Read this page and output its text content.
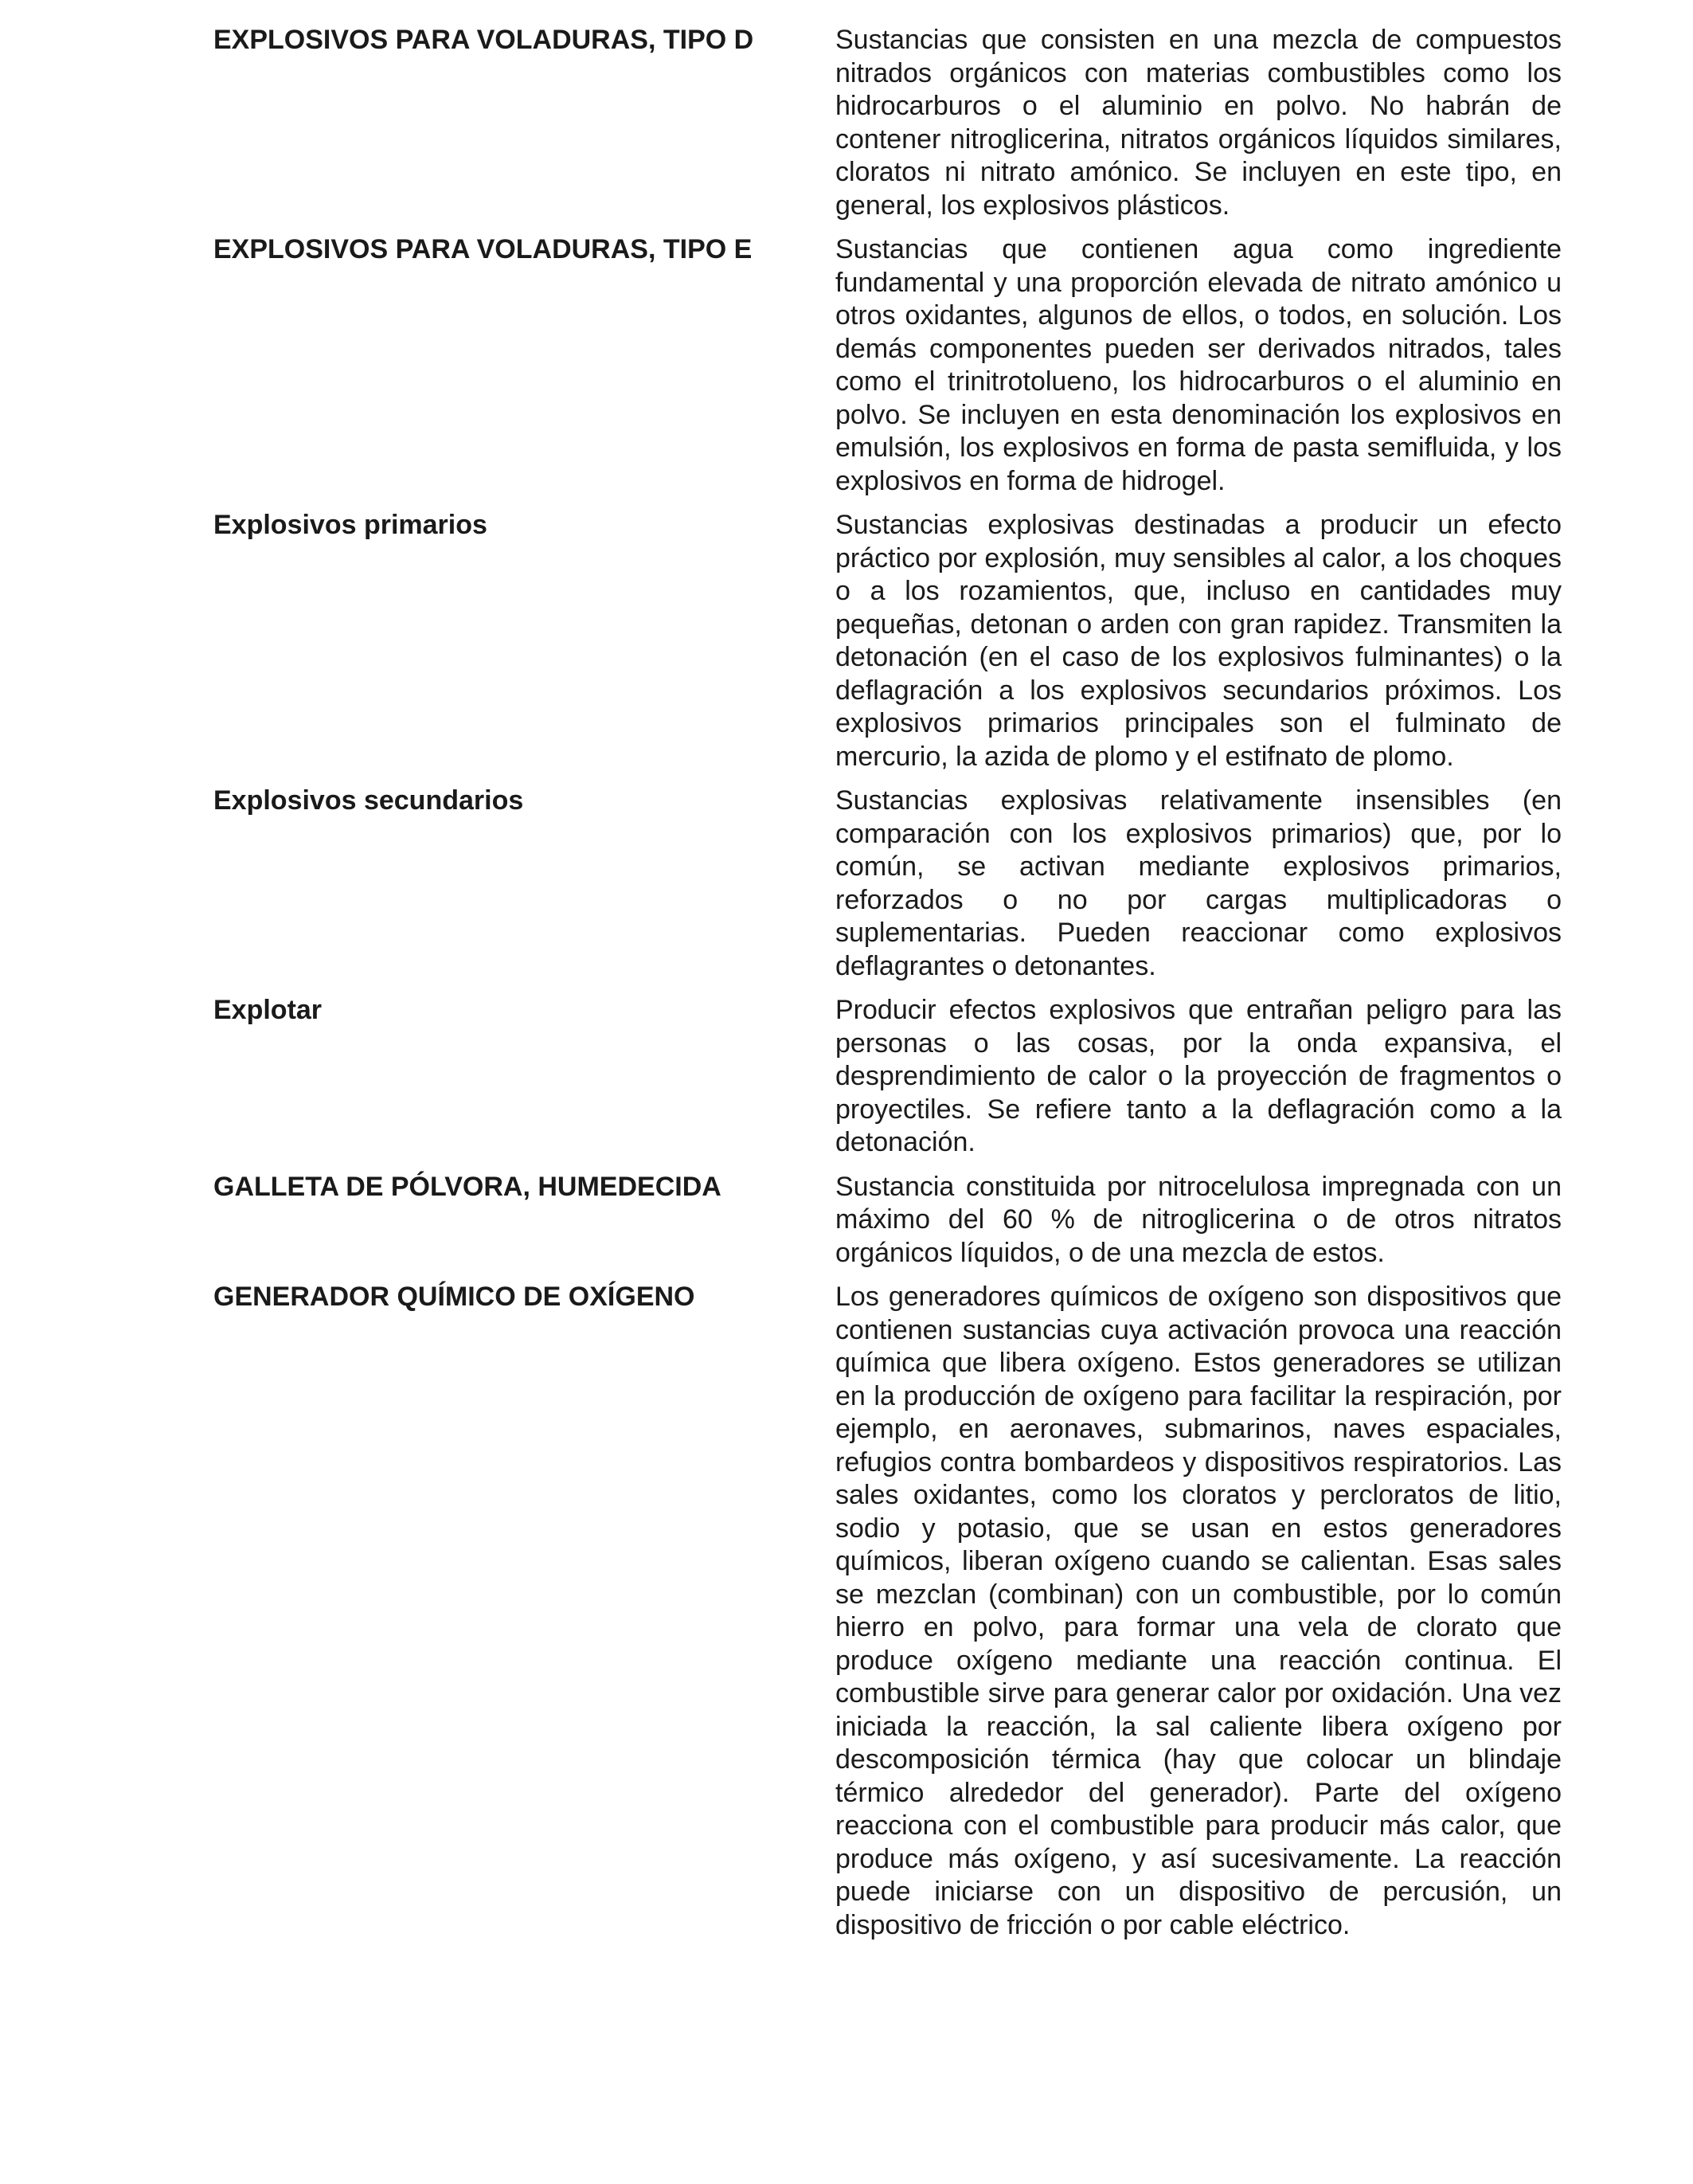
EXPLOSIVOS PARA VOLADURAS, TIPO D	Sustancias que consisten en una mezcla de compuestos nitrados orgánicos con materias combustibles como los hidrocarburos o el aluminio en polvo. No habrán de contener nitroglicerina, nitratos orgánicos líquidos similares, cloratos ni nitrato amónico. Se incluyen en este tipo, en general, los explosivos plásticos.
EXPLOSIVOS PARA VOLADURAS, TIPO E	Sustancias que contienen agua como ingrediente fundamental y una proporción elevada de nitrato amónico u otros oxidantes, algunos de ellos, o todos, en solución. Los demás componentes pueden ser derivados nitrados, tales como el trinitrotolueno, los hidrocarburos o el aluminio en polvo. Se incluyen en esta denominación los explosivos en emulsión, los explosivos en forma de pasta semifluida, y los explosivos en forma de hidrogel.
Explosivos primarios	Sustancias explosivas destinadas a producir un efecto práctico por explosión, muy sensibles al calor, a los choques o a los rozamientos, que, incluso en cantidades muy pequeñas, detonan o arden con gran rapidez. Transmiten la detonación (en el caso de los explosivos fulminantes) o la deflagración a los explosivos secundarios próximos. Los explosivos primarios principales son el fulminato de mercurio, la azida de plomo y el estifnato de plomo.
Explosivos secundarios	Sustancias explosivas relativamente insensibles (en comparación con los explosivos primarios) que, por lo común, se activan mediante explosivos primarios, reforzados o no por cargas multiplicadoras o suplementarias. Pueden reaccionar como explosivos deflagrantes o detonantes.
Explotar	Producir efectos explosivos que entrañan peligro para las personas o las cosas, por la onda expansiva, el desprendimiento de calor o la proyección de fragmentos o proyectiles. Se refiere tanto a la deflagración como a la detonación.
GALLETA DE PÓLVORA, HUMEDECIDA	Sustancia constituida por nitrocelulosa impregnada con un máximo del 60 % de nitroglicerina o de otros nitratos orgánicos líquidos, o de una mezcla de estos.
GENERADOR QUÍMICO DE OXÍGENO	Los generadores químicos de oxígeno son dispositivos que contienen sustancias cuya activación provoca una reacción química que libera oxígeno. Estos generadores se utilizan en la producción de oxígeno para facilitar la respiración, por ejemplo, en aeronaves, submarinos, naves espaciales, refugios contra bombardeos y dispositivos respiratorios. Las sales oxidantes, como los cloratos y percloratos de litio, sodio y potasio, que se usan en estos generadores químicos, liberan oxígeno cuando se calientan. Esas sales se mezclan (combinan) con un combustible, por lo común hierro en polvo, para formar una vela de clorato que produce oxígeno mediante una reacción continua. El combustible sirve para generar calor por oxidación. Una vez iniciada la reacción, la sal caliente libera oxígeno por descomposición térmica (hay que colocar un blindaje térmico alrededor del generador). Parte del oxígeno reacciona con el combustible para producir más calor, que produce más oxígeno, y así sucesivamente. La reacción puede iniciarse con un dispositivo de percusión, un dispositivo de fricción o por cable eléctrico.
